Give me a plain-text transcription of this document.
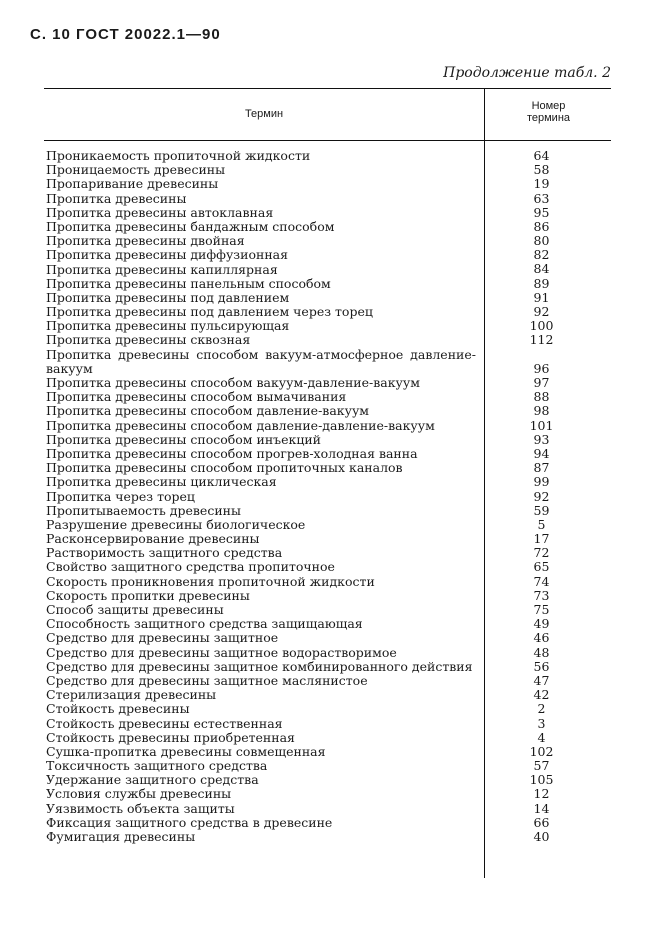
С. 10 ГОСТ 20022.1—90
Продолжение табл. 2
Термин
Номер
термина
Проникаемость пропиточной жидкости	64
Проницаемость древесины	58
Пропаривание древесины	19
Пропитка древесины	63
Пропитка древесины автоклавная	95
Пропитка древесины бандажным способом	86
Пропитка древесины двойная	80
Пропитка древесины диффузионная	82
Пропитка древесины капиллярная	84
Пропитка древесины панельным способом	89
Пропитка древесины под давлением	91
Пропитка древесины под давлением через торец	92
Пропитка древесины пульсирующая	100
Пропитка древесины сквозная	112
Пропитка древесины способом вакуум-атмосферное давление-вакуум	96
Пропитка древесины способом вакуум-давление-вакуум	97
Пропитка древесины способом вымачивания	88
Пропитка древесины способом давление-вакуум	98
Пропитка древесины способом давление-давление-вакуум	101
Пропитка древесины способом инъекций	93
Пропитка древесины способом прогрев-холодная ванна	94
Пропитка древесины способом пропиточных каналов	87
Пропитка древесины циклическая	99
Пропитка через торец	92
Пропитываемость древесины	59
Разрушение древесины биологическое	5
Расконсервирование древесины	17
Растворимость защитного средства	72
Свойство защитного средства пропиточное	65
Скорость проникновения пропиточной жидкости	74
Скорость пропитки древесины	73
Способ защиты древесины	75
Способность защитного средства защищающая	49
Средство для древесины защитное	46
Средство для древесины защитное водорастворимое	48
Средство для древесины защитное комбинированного действия	56
Средство для древесины защитное маслянистое	47
Стерилизация древесины	42
Стойкость древесины	2
Стойкость древесины естественная	3
Стойкость древесины приобретенная	4
Сушка-пропитка древесины совмещенная	102
Токсичность защитного средства	57
Удержание защитного средства	105
Условия службы древесины	12
Уязвимость объекта защиты	14
Фиксация защитного средства в древесине	66
Фумигация древесины	40
